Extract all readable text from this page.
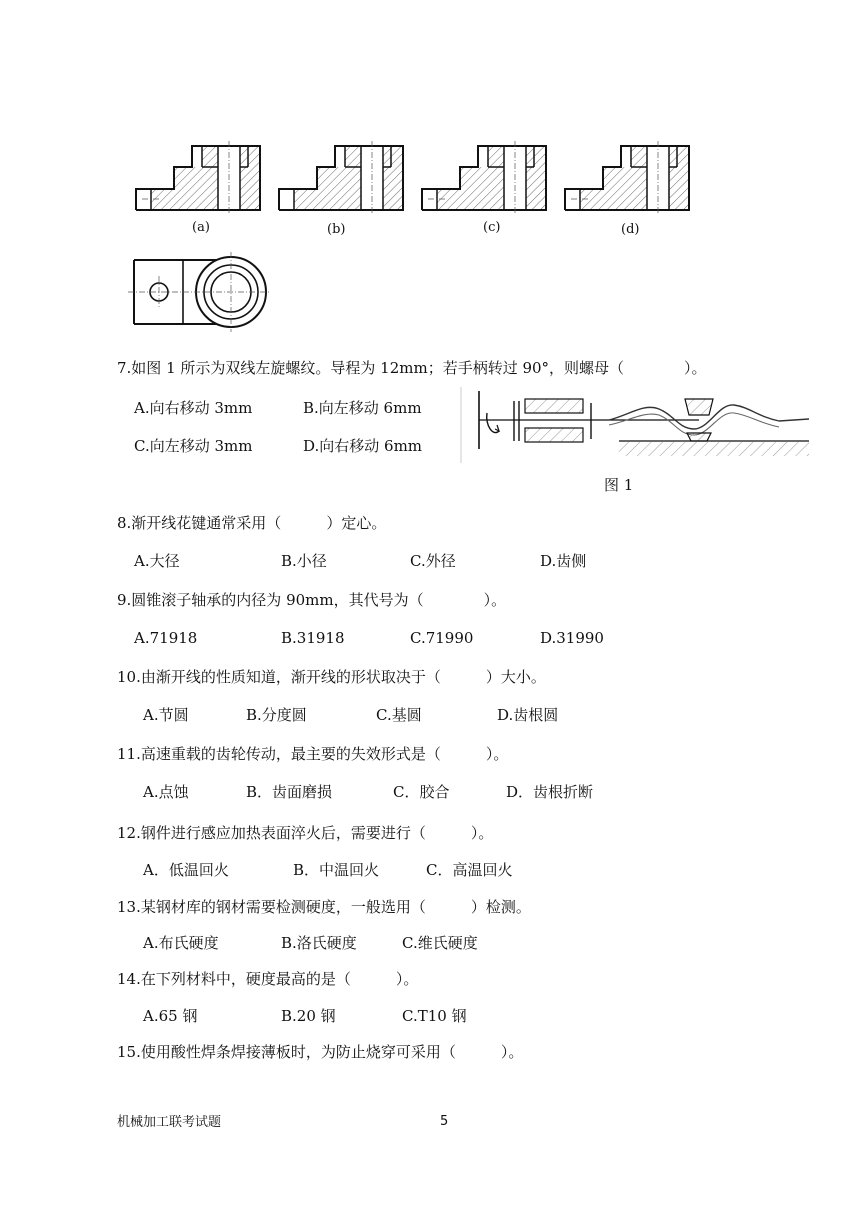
(a)	(b)	(c)	(d)
图 1
7.如图 1 所示为双线左旋螺纹。导程为 12mm；若手柄转过 90°，则螺母（　　　　）。
A.向右移动 3mm	B.向左移动 6mm
C.向左移动 3mm	D.向右移动 6mm
8.渐开线花键通常采用（　　　）定心。
A.大径	B.小径	C.外径	D.齿侧
9.圆锥滚子轴承的内径为 90mm，其代号为（　　　　）。
A.71918	B.31918	C.71990	D.31990
10.由渐开线的性质知道，渐开线的形状取决于（　　　）大小。
A.节圆	B.分度圆	C.基圆	D.齿根圆
11.高速重载的齿轮传动，最主要的失效形式是（　　　）。
A.点蚀	B．齿面磨损	C．胶合	D．齿根折断
12.钢件进行感应加热表面淬火后，需要进行（　　　）。
A．低温回火	B．中温回火	C．高温回火
13.某钢材库的钢材需要检测硬度，一般选用（　　　）检测。
A.布氏硬度	B.洛氏硬度	C.维氏硬度
14.在下列材料中，硬度最高的是（　　　）。
A.65 钢	B.20 钢	C.T10 钢
15.使用酸性焊条焊接薄板时，为防止烧穿可采用（　　　）。
机械加工联考试题	5
